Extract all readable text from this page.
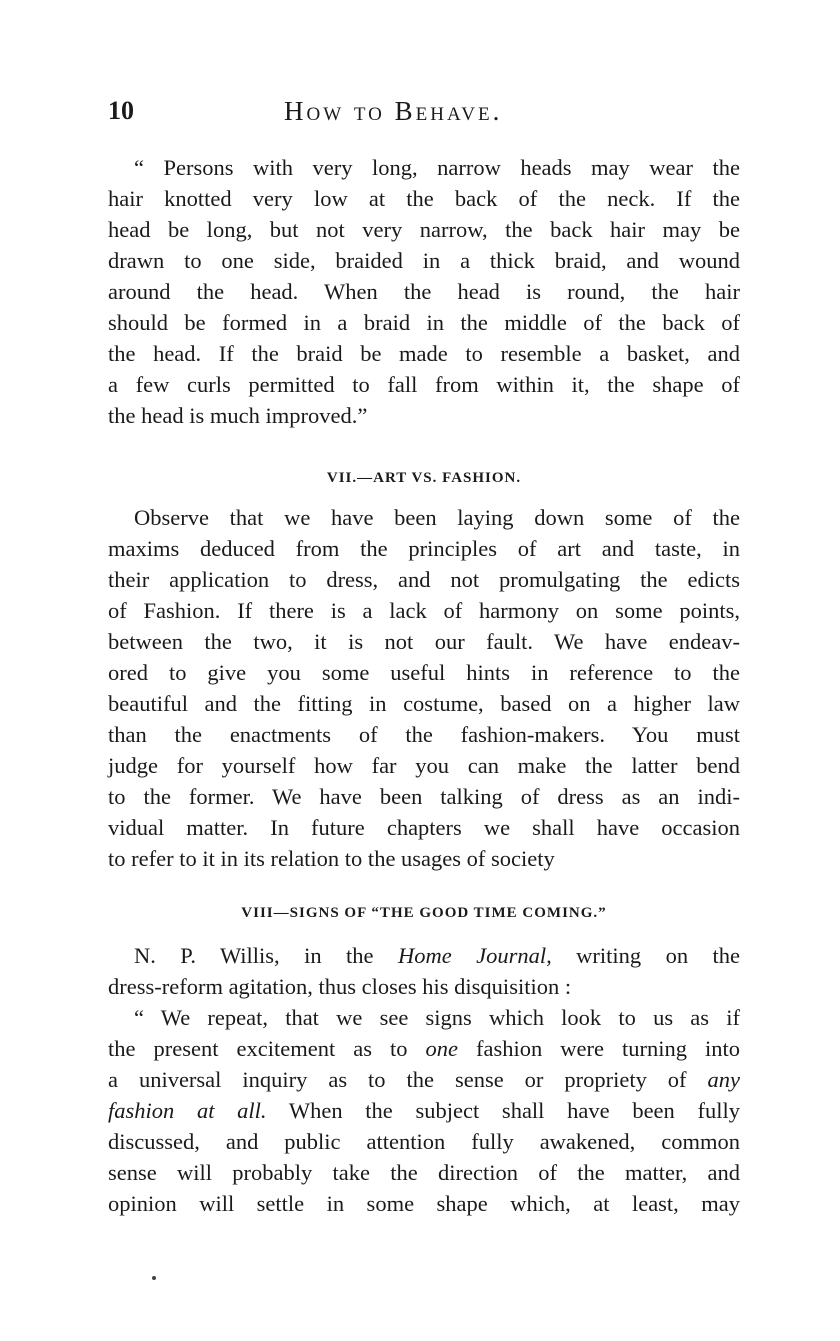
10	How to Behave.
“ Persons with very long, narrow heads may wear the
hair knotted very low at the back of the neck. If the
head be long, but not very narrow, the back hair may be
drawn to one side, braided in a thick braid, and wound
around the head. When the head is round, the hair
should be formed in a braid in the middle of the back of
the head. If the braid be made to resemble a basket, and
a few curls permitted to fall from within it, the shape of
the head is much improved.”
VII.—ART VS. FASHION.
Observe that we have been laying down some of the
maxims deduced from the principles of art and taste, in
their application to dress, and not promulgating the edicts
of Fashion. If there is a lack of harmony on some points,
between the two, it is not our fault. We have endeav-
ored to give you some useful hints in reference to the
beautiful and the fitting in costume, based on a higher law
than the enactments of the fashion-makers. You must
judge for yourself how far you can make the latter bend
to the former. We have been talking of dress as an indi-
vidual matter. In future chapters we shall have occasion
to refer to it in its relation to the usages of society
VIII—SIGNS OF “THE GOOD TIME COMING.”
N. P. Willis, in the Home Journal, writing on the
dress-reform agitation, thus closes his disquisition :
“ We repeat, that we see signs which look to us as if
the present excitement as to one fashion were turning into
a universal inquiry as to the sense or propriety of any
fashion at all. When the subject shall have been fully
discussed, and public attention fully awakened, common
sense will probably take the direction of the matter, and
opinion will settle in some shape which, at least, may
